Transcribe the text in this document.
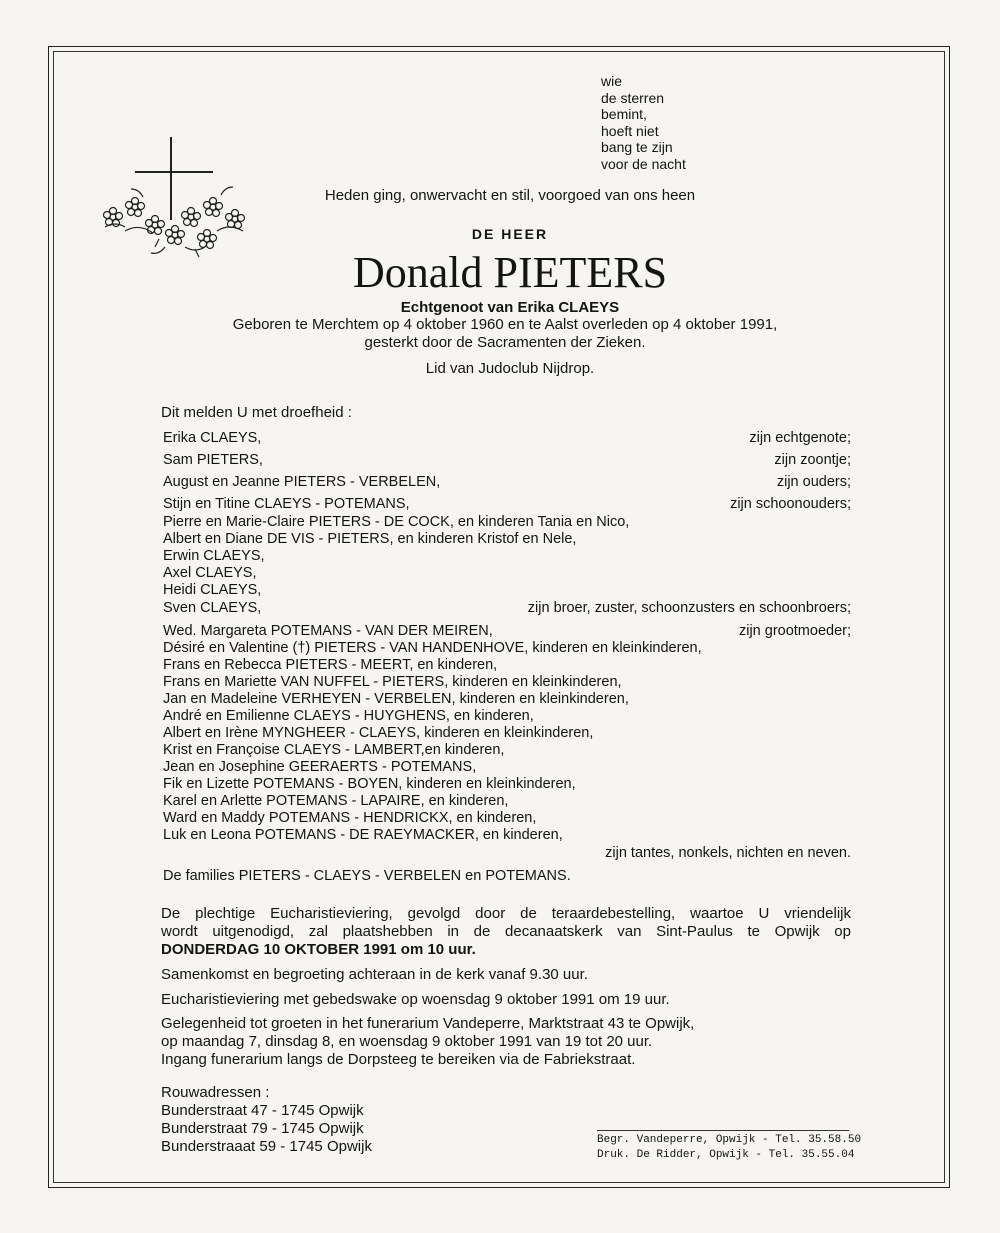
wie
de sterren
bemint,
hoeft niet
bang te zijn
voor de nacht
Heden ging, onwervacht en stil, voorgoed van ons heen
DE HEER
Donald PIETERS
Echtgenoot van Erika CLAEYS
Geboren te Merchtem op 4 oktober 1960 en te Aalst overleden op 4 oktober 1991,
gesterkt door de Sacramenten der Zieken.
Lid van Judoclub Nijdrop.
Dit melden U met droefheid :
Erika CLAEYS,	zijn echtgenote;
Sam PIETERS,	zijn zoontje;
August en Jeanne PIETERS - VERBELEN,	zijn ouders;
Stijn en Titine CLAEYS - POTEMANS,	zijn schoonouders;
Pierre en Marie-Claire PIETERS - DE COCK, en kinderen Tania en Nico,
Albert en Diane DE VIS - PIETERS, en kinderen Kristof en Nele,
Erwin CLAEYS,
Axel CLAEYS,
Heidi CLAEYS,
Sven CLAEYS,	zijn broer, zuster, schoonzusters en schoonbroers;
Wed. Margareta POTEMANS - VAN DER MEIREN,	zijn grootmoeder;
Désiré en Valentine (†) PIETERS - VAN HANDENHOVE, kinderen en kleinkinderen,
Frans en Rebecca PIETERS - MEERT, en kinderen,
Frans en Mariette VAN NUFFEL - PIETERS, kinderen en kleinkinderen,
Jan en Madeleine VERHEYEN - VERBELEN, kinderen en kleinkinderen,
André en Emilienne CLAEYS - HUYGHENS, en kinderen,
Albert en Irène MYNGHEER - CLAEYS, kinderen en kleinkinderen,
Krist en Françoise CLAEYS - LAMBERT,en kinderen,
Jean en Josephine GEERAERTS - POTEMANS,
Fik en Lizette POTEMANS - BOYEN, kinderen en kleinkinderen,
Karel en Arlette POTEMANS - LAPAIRE, en kinderen,
Ward en Maddy POTEMANS - HENDRICKX, en kinderen,
Luk en Leona POTEMANS - DE RAEYMACKER, en kinderen,
zijn tantes, nonkels, nichten en neven.
De families PIETERS - CLAEYS - VERBELEN en POTEMANS.
De plechtige Eucharistieviering, gevolgd door de teraardebestelling, waartoe U vriendelijk
wordt uitgenodigd, zal plaatshebben in de decanaatskerk van Sint-Paulus te Opwijk op
DONDERDAG 10 OKTOBER 1991 om 10 uur.
Samenkomst en begroeting achteraan in de kerk vanaf 9.30 uur.
Eucharistieviering met gebedswake op woensdag 9 oktober 1991 om 19 uur.
Gelegenheid tot groeten in het funerarium Vandeperre, Marktstraat 43 te Opwijk,
op maandag 7, dinsdag 8, en woensdag 9 oktober 1991 van 19 tot 20 uur.
Ingang funerarium langs de Dorpsteeg te bereiken via de Fabriekstraat.
Rouwadressen :
Bunderstraat 47 - 1745 Opwijk
Bunderstraat 79 - 1745 Opwijk
Bunderstraaat 59 - 1745 Opwijk	Begr. Vandeperre, Opwijk - Tel. 35.58.50
Druk. De Ridder, Opwijk - Tel. 35.55.04
